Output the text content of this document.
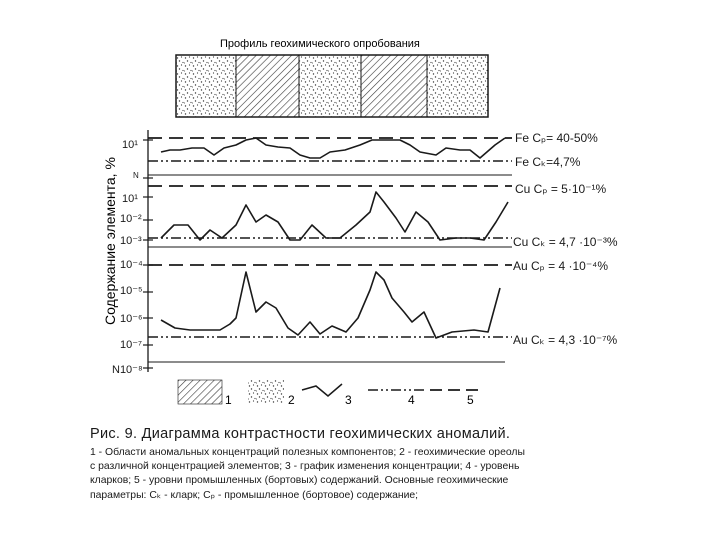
Профиль геохимического опробования
Содержание элемента, %
10¹
N
10¹
10⁻²
10⁻³
10⁻⁴
10⁻⁵
10⁻⁶
10⁻⁷
N10⁻⁸
Fe Cₚ= 40-50%
Fe Cₖ=4,7%
Cu Cₚ = 5·10⁻¹%
Cu Cₖ = 4,7 ·10⁻³%
Au Cₚ = 4 ·10⁻⁴%
Au Cₖ = 4,3 ·10⁻⁷%
1	2	3	4	5
Рис. 9. Диаграмма контрастности геохимических аномалий.
1 - Области аномальных концентраций полезных компонентов; 2 - геохимические ореолы
с различной концентрацией элементов; 3 - график изменения концентрации; 4 - уровень
кларков; 5 - уровни промышленных (бортовых) содержаний. Основные геохимические
параметры: Cₖ - кларк; Cₚ - промышленное (бортовое) содержание;
